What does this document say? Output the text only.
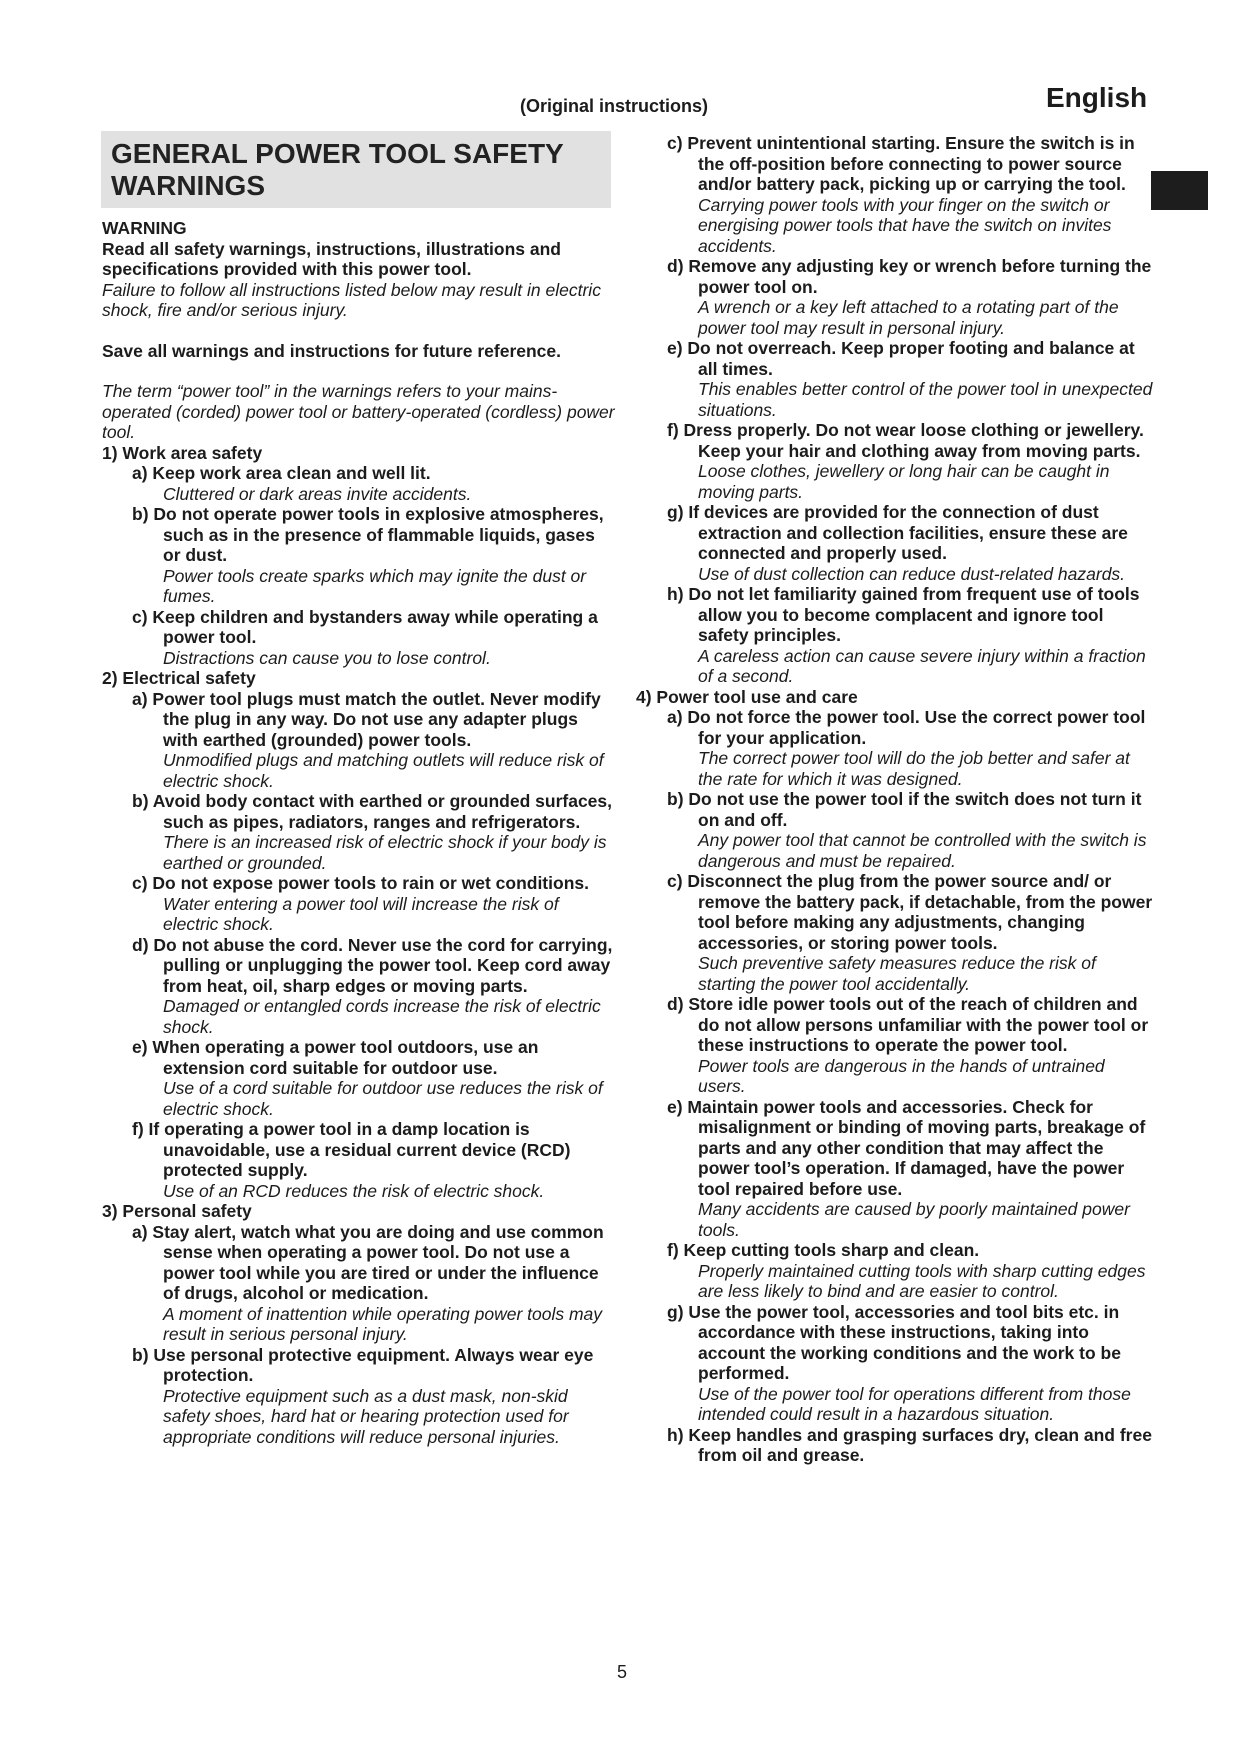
(Original instructions)	English
GENERAL POWER TOOL SAFETY WARNINGS

WARNING

Read all safety warnings, instructions, illustrations and specifications provided with this power tool.

Failure to follow all instructions listed below may result in electric shock, fire and/or serious injury.

Save all warnings and instructions for future reference.

The term “power tool” in the warnings refers to your mains-operated (corded) power tool or battery-operated (cordless) power tool.

1) Work area safety

a) Keep work area clean and well lit.

Cluttered or dark areas invite accidents.

b) Do not operate power tools in explosive atmospheres, such as in the presence of flammable liquids, gases or dust.

Power tools create sparks which may ignite the dust or fumes.

c) Keep children and bystanders away while operating a power tool.

Distractions can cause you to lose control.

2) Electrical safety

a) Power tool plugs must match the outlet. Never modify the plug in any way. Do not use any adapter plugs with earthed (grounded) power tools.

Unmodified plugs and matching outlets will reduce risk of electric shock.

b) Avoid body contact with earthed or grounded surfaces, such as pipes, radiators, ranges and refrigerators.

There is an increased risk of electric shock if your body is earthed or grounded.

c) Do not expose power tools to rain or wet conditions.

Water entering a power tool will increase the risk of electric shock.

d) Do not abuse the cord. Never use the cord for carrying, pulling or unplugging the power tool. Keep cord away from heat, oil, sharp edges or moving parts.

Damaged or entangled cords increase the risk of electric shock.

e) When operating a power tool outdoors, use an extension cord suitable for outdoor use.

Use of a cord suitable for outdoor use reduces the risk of electric shock.

f) If operating a power tool in a damp location is unavoidable, use a residual current device (RCD) protected supply.

Use of an RCD reduces the risk of electric shock.

3) Personal safety

a) Stay alert, watch what you are doing and use common sense when operating a power tool. Do not use a power tool while you are tired or under the influence of drugs, alcohol or medication.

A moment of inattention while operating power tools may result in serious personal injury.

b) Use personal protective equipment. Always wear eye protection.

Protective equipment such as a dust mask, non-skid safety shoes, hard hat or hearing protection used for appropriate conditions will reduce personal injuries.

c) Prevent unintentional starting. Ensure the switch is in the off-position before connecting to power source and/or battery pack, picking up or carrying the tool.

Carrying power tools with your finger on the switch or energising power tools that have the switch on invites accidents.

d) Remove any adjusting key or wrench before turning the power tool on.

A wrench or a key left attached to a rotating part of the power tool may result in personal injury.

e) Do not overreach. Keep proper footing and balance at all times.

This enables better control of the power tool in unexpected situations.

f) Dress properly. Do not wear loose clothing or jewellery. Keep your hair and clothing away from moving parts.

Loose clothes, jewellery or long hair can be caught in moving parts.

g) If devices are provided for the connection of dust extraction and collection facilities, ensure these are connected and properly used.

Use of dust collection can reduce dust-related hazards.

h) Do not let familiarity gained from frequent use of tools allow you to become complacent and ignore tool safety principles.

A careless action can cause severe injury within a fraction of a second.

4) Power tool use and care

a) Do not force the power tool. Use the correct power tool for your application.

The correct power tool will do the job better and safer at the rate for which it was designed.

b) Do not use the power tool if the switch does not turn it on and off.

Any power tool that cannot be controlled with the switch is dangerous and must be repaired.

c) Disconnect the plug from the power source and/ or remove the battery pack, if detachable, from the power tool before making any adjustments, changing accessories, or storing power tools.

Such preventive safety measures reduce the risk of starting the power tool accidentally.

d) Store idle power tools out of the reach of children and do not allow persons unfamiliar with the power tool or these instructions to operate the power tool.

Power tools are dangerous in the hands of untrained users.

e) Maintain power tools and accessories. Check for misalignment or binding of moving parts, breakage of parts and any other condition that may affect the power tool’s operation. If damaged, have the power tool repaired before use.

Many accidents are caused by poorly maintained power tools.

f) Keep cutting tools sharp and clean.

Properly maintained cutting tools with sharp cutting edges are less likely to bind and are easier to control.

g) Use the power tool, accessories and tool bits etc. in accordance with these instructions, taking into account the working conditions and the work to be performed.

Use of the power tool for operations different from those intended could result in a hazardous situation.

h) Keep handles and grasping surfaces dry, clean and free from oil and grease.

5
